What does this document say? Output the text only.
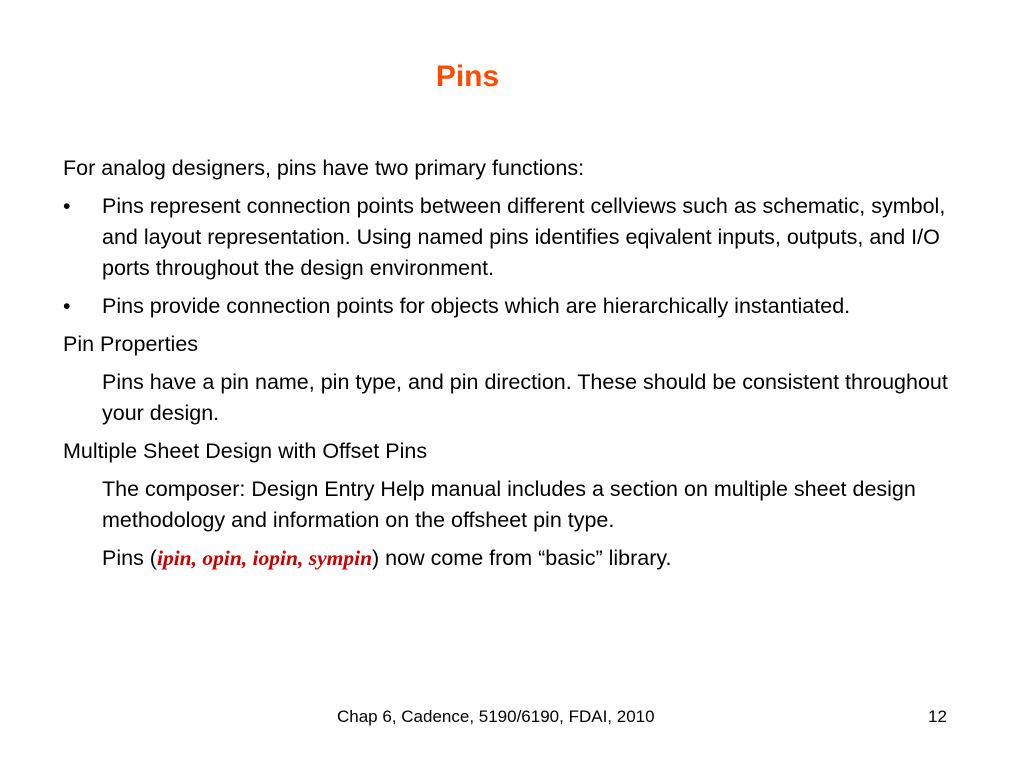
Pins

For analog designers, pins have two primary functions:

• Pins represent connection points between different cellviews such as schematic, symbol, and layout representation. Using named pins identifies eqivalent inputs, outputs, and I/O ports throughout the design environment.
• Pins provide connection points for objects which are hierarchically instantiated.

Pin Properties

Pins have a pin name, pin type, and pin direction. These should be consistent throughout your design.

Multiple Sheet Design with Offset Pins

The composer: Design Entry Help manual includes a section on multiple sheet design methodology and information on the offsheet pin type.

Pins (ipin, opin, iopin, sympin) now come from “basic” library.

Chap 6, Cadence, 5190/6190, FDAI, 2010	12
